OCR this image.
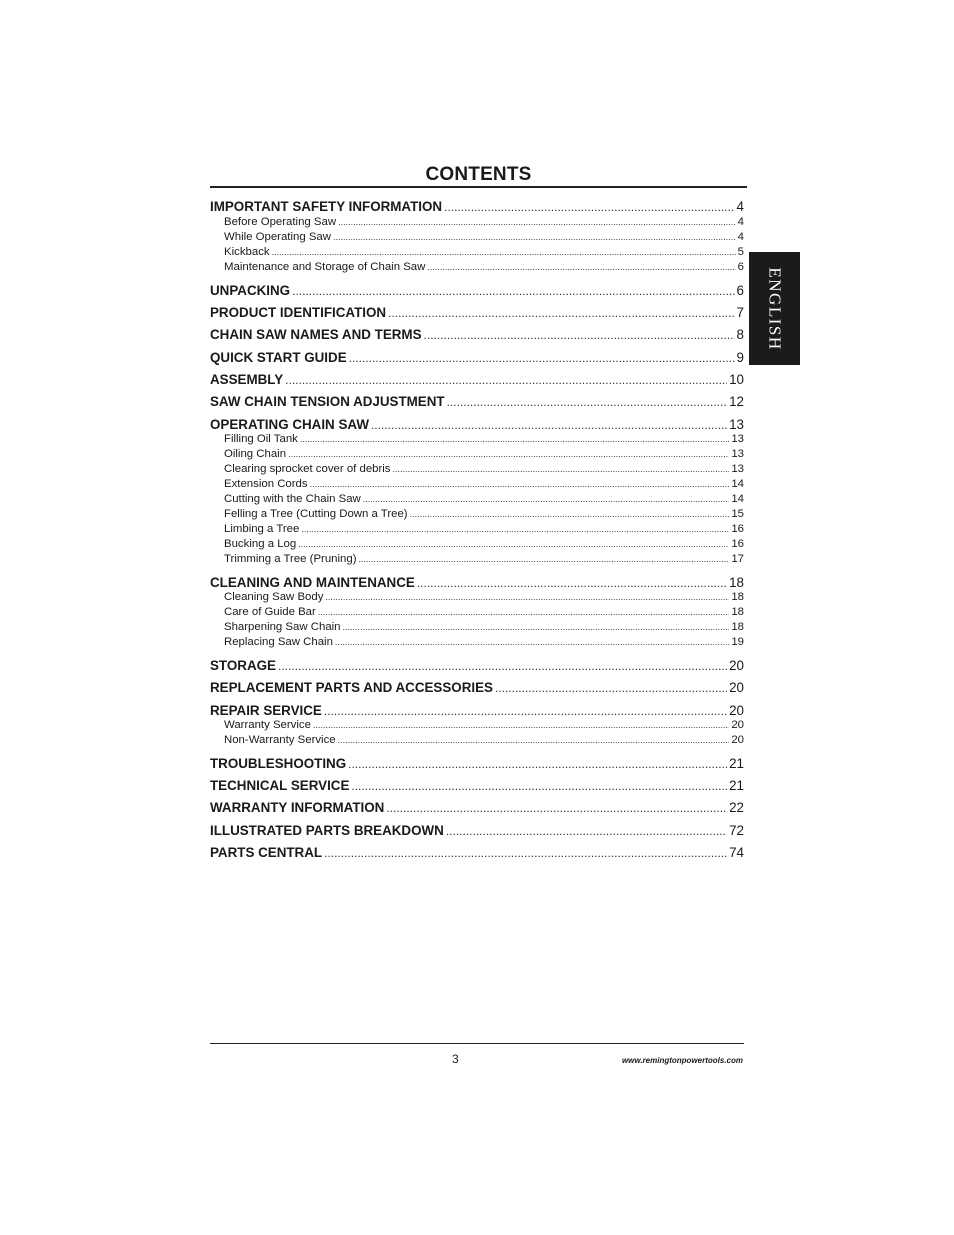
CONTENTS
IMPORTANT SAFETY INFORMATION .....	4
Before Operating Saw .....	4
While Operating Saw .....	4
Kickback .....	5
Maintenance and Storage of Chain Saw .....	6
UNPACKING .....	6
PRODUCT IDENTIFICATION .....	7
CHAIN SAW NAMES AND TERMS .....	8
QUICK START GUIDE .....	9
ASSEMBLY .....	10
SAW CHAIN TENSION ADJUSTMENT .....	12
OPERATING CHAIN SAW .....	13
Filling Oil Tank .....	13
Oiling Chain .....	13
Clearing sprocket cover of debris .....	13
Extension Cords .....	14
Cutting with the Chain Saw .....	14
Felling a Tree (Cutting Down a Tree) .....	15
Limbing a Tree .....	16
Bucking a Log .....	16
Trimming a Tree (Pruning) .....	17
CLEANING AND MAINTENANCE .....	18
Cleaning Saw Body .....	18
Care of Guide Bar .....	18
Sharpening Saw Chain .....	18
Replacing Saw Chain .....	19
STORAGE .....	20
REPLACEMENT PARTS AND ACCESSORIES .....	20
REPAIR SERVICE .....	20
Warranty Service .....	20
Non-Warranty Service .....	20
TROUBLESHOOTING .....	21
TECHNICAL SERVICE .....	21
WARRANTY INFORMATION .....	22
ILLUSTRATED PARTS BREAKDOWN .....	72
PARTS CENTRAL .....	74
ENGLISH
3	www.remingtonpowertools.com
